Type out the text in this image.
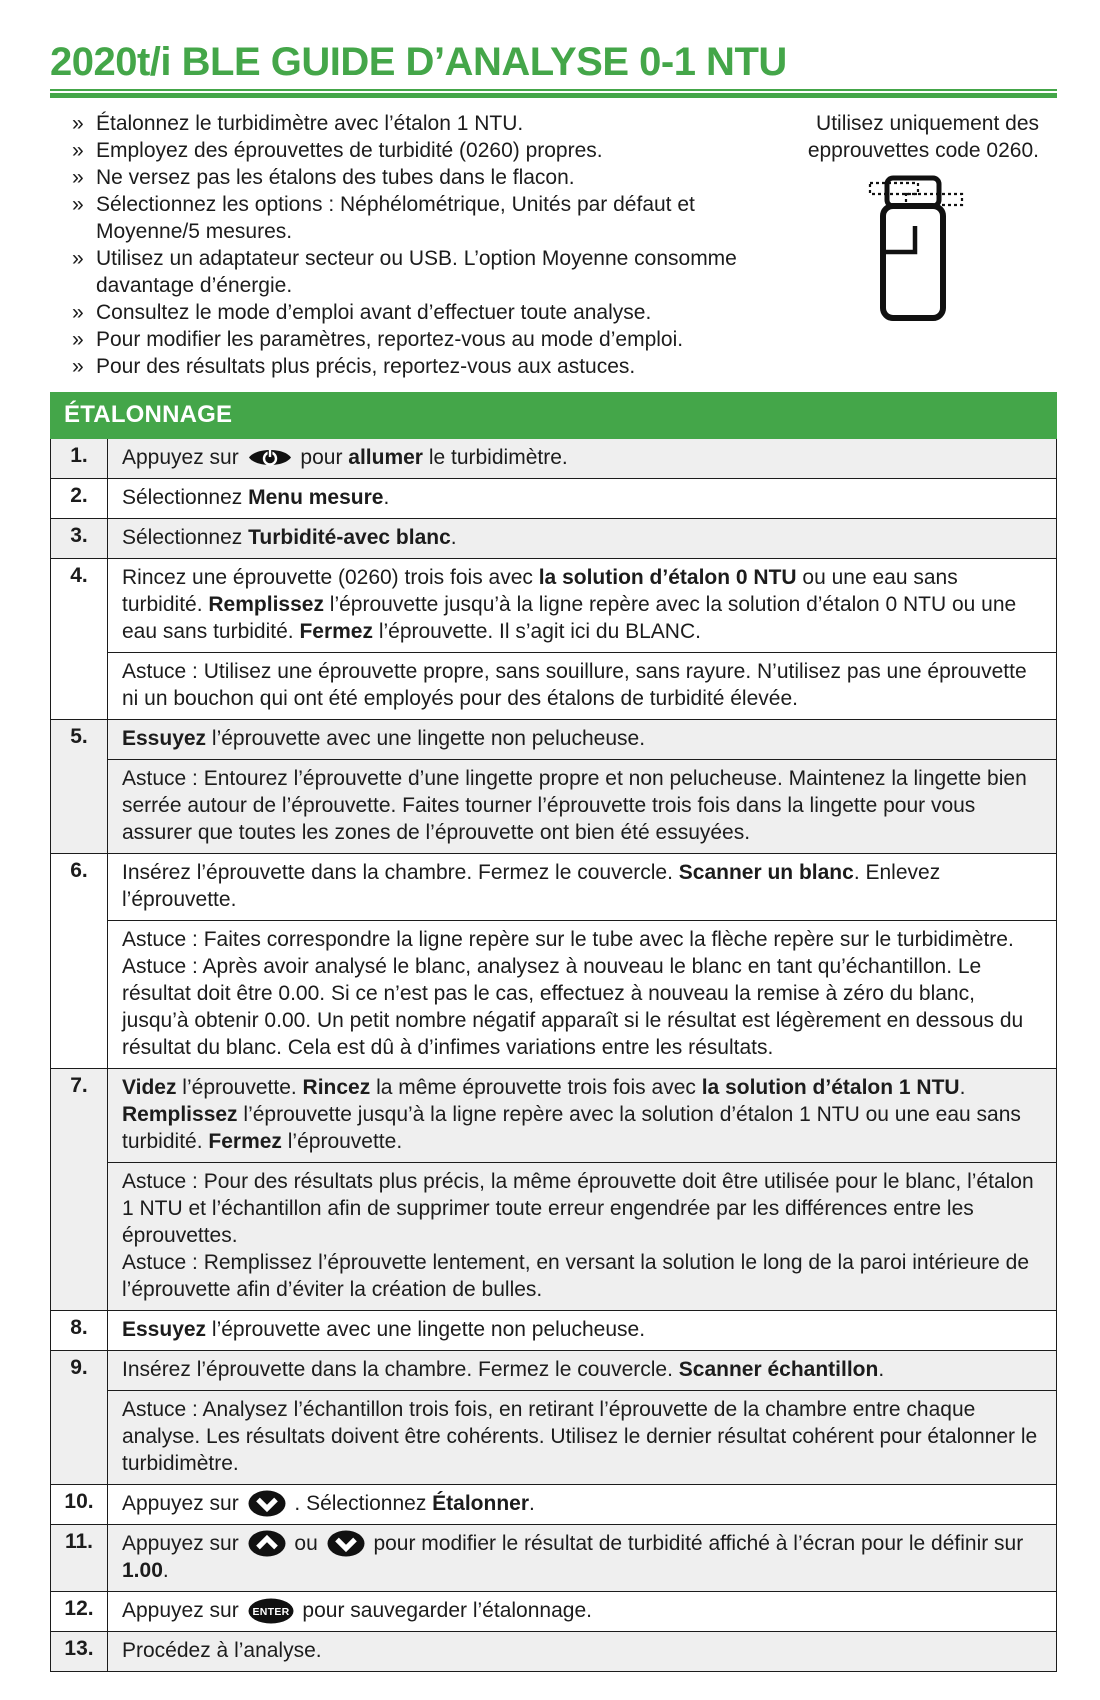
2020t/i BLE GUIDE D’ANALYSE 0-1 NTU
» Étalonnez le turbidimètre avec l’étalon 1 NTU.
» Employez des éprouvettes de turbidité (0260) propres.
» Ne versez pas les étalons des tubes dans le flacon.
» Sélectionnez les options : Néphélométrique, Unités par défaut et Moyenne/5 mesures.
» Utilisez un adaptateur secteur ou USB. L’option Moyenne consomme davantage d’énergie.
» Consultez le mode d’emploi avant d’effectuer toute analyse.
» Pour modifier les paramètres, reportez-vous au mode d’emploi.
» Pour des résultats plus précis, reportez-vous aux astuces.
Utilisez uniquement des epprouvettes code 0260.
ÉTALONNAGE
1.	Appuyez sur  pour allumer le turbidimètre.
2.	Sélectionnez Menu mesure.
3.	Sélectionnez Turbidité-avec blanc.
4.	Rincez une éprouvette (0260) trois fois avec la solution d’étalon 0 NTU ou une eau sans turbidité. Remplissez l’éprouvette jusqu’à la ligne repère avec la solution d’étalon 0 NTU ou une eau sans turbidité. Fermez l’éprouvette. Il s’agit ici du BLANC.
Astuce : Utilisez une éprouvette propre, sans souillure, sans rayure. N’utilisez pas une éprouvette ni un bouchon qui ont été employés pour des étalons de turbidité élevée.
5.	Essuyez l’éprouvette avec une lingette non pelucheuse.
Astuce : Entourez l’éprouvette d’une lingette propre et non pelucheuse. Maintenez la lingette bien serrée autour de l’éprouvette. Faites tourner l’éprouvette trois fois dans la lingette pour vous assurer que toutes les zones de l’éprouvette ont bien été essuyées.
6.	Insérez l’éprouvette dans la chambre. Fermez le couvercle. Scanner un blanc. Enlevez l’éprouvette.
Astuce : Faites correspondre la ligne repère sur le tube avec la flèche repère sur le turbidimètre.
Astuce : Après avoir analysé le blanc, analysez à nouveau le blanc en tant qu’échantillon. Le résultat doit être 0.00. Si ce n’est pas le cas, effectuez à nouveau la remise à zéro du blanc, jusqu’à obtenir 0.00. Un petit nombre négatif apparaît si le résultat est légèrement en dessous du résultat du blanc. Cela est dû à d’infimes variations entre les résultats.
7.	Videz l’éprouvette. Rincez la même éprouvette trois fois avec la solution d’étalon 1 NTU. Remplissez l’éprouvette jusqu’à la ligne repère avec la solution d’étalon 1 NTU ou une eau sans turbidité. Fermez l’éprouvette.
Astuce : Pour des résultats plus précis, la même éprouvette doit être utilisée pour le blanc, l’étalon 1 NTU et l’échantillon afin de supprimer toute erreur engendrée par les différences entre les éprouvettes.
Astuce : Remplissez l’éprouvette lentement, en versant la solution le long de la paroi intérieure de l’éprouvette afin d’éviter la création de bulles.
8.	Essuyez l’éprouvette avec une lingette non pelucheuse.
9.	Insérez l’éprouvette dans la chambre. Fermez le couvercle. Scanner échantillon.
Astuce : Analysez l’échantillon trois fois, en retirant l’éprouvette de la chambre entre chaque analyse. Les résultats doivent être cohérents. Utilisez le dernier résultat cohérent pour étalonner le turbidimètre.
10.	Appuyez sur  . Sélectionnez Étalonner.
11.	Appuyez sur  ou  pour modifier le résultat de turbidité affiché à l’écran pour le définir sur 1.00.
12.	Appuyez sur ENTER pour sauvegarder l’étalonnage.
13.	Procédez à l’analyse.
